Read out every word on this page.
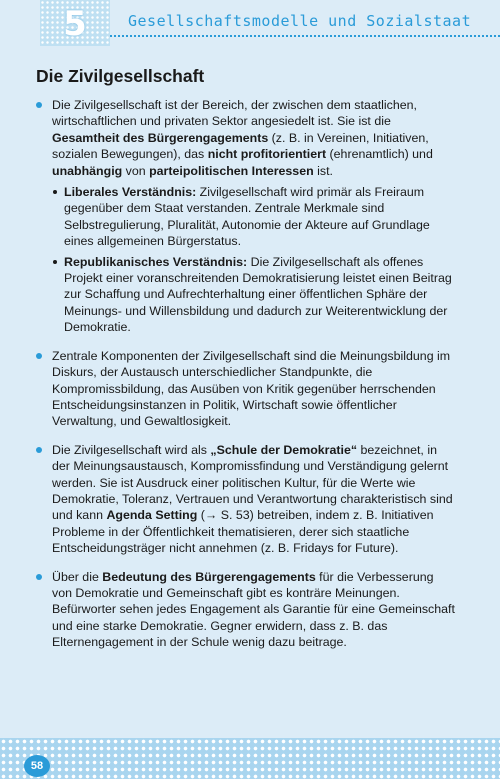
5	Gesellschaftsmodelle und Sozialstaat
Die Zivilgesellschaft
Die Zivilgesellschaft ist der Bereich, der zwischen dem staatlichen, wirtschaftlichen und privaten Sektor angesiedelt ist. Sie ist die Gesamtheit des Bürgerengagements (z. B. in Vereinen, Initiativen, sozialen Bewegungen), das nicht profitorientiert (ehrenamtlich) und unabhängig von parteipolitischen Interessen ist.
Liberales Verständnis: Zivilgesellschaft wird primär als Freiraum gegenüber dem Staat verstanden. Zentrale Merkmale sind Selbstregulierung, Pluralität, Autonomie der Akteure auf Grundlage eines allgemeinen Bürgerstatus.
Republikanisches Verständnis: Die Zivilgesellschaft als offenes Projekt einer voranschreitenden Demokratisierung leistet einen Beitrag zur Schaffung und Aufrechterhaltung einer öffentlichen Sphäre der Meinungs- und Willensbildung und dadurch zur Weiterentwicklung der Demokratie.
Zentrale Komponenten der Zivilgesellschaft sind die Meinungsbildung im Diskurs, der Austausch unterschiedlicher Standpunkte, die Kompromissbildung, das Ausüben von Kritik gegenüber herrschenden Entscheidungsinstanzen in Politik, Wirtschaft sowie öffentlicher Verwaltung, und Gewaltlosigkeit.
Die Zivilgesellschaft wird als „Schule der Demokratie“ bezeichnet, in der Meinungsaustausch, Kompromissfindung und Verständigung gelernt werden. Sie ist Ausdruck einer politischen Kultur, für die Werte wie Demokratie, Toleranz, Vertrauen und Verantwortung charakteristisch sind und kann Agenda Setting (→ S. 53) betreiben, indem z. B. Initiativen Probleme in der Öffentlichkeit thematisieren, derer sich staatliche Entscheidungsträger nicht annehmen (z. B. Fridays for Future).
Über die Bedeutung des Bürgerengagements für die Verbesserung von Demokratie und Gemeinschaft gibt es konträre Meinungen. Befürworter sehen jedes Engagement als Garantie für eine Gemeinschaft und eine starke Demokratie. Gegner erwidern, dass z. B. das Elternengagement in der Schule wenig dazu beitrage.
58
